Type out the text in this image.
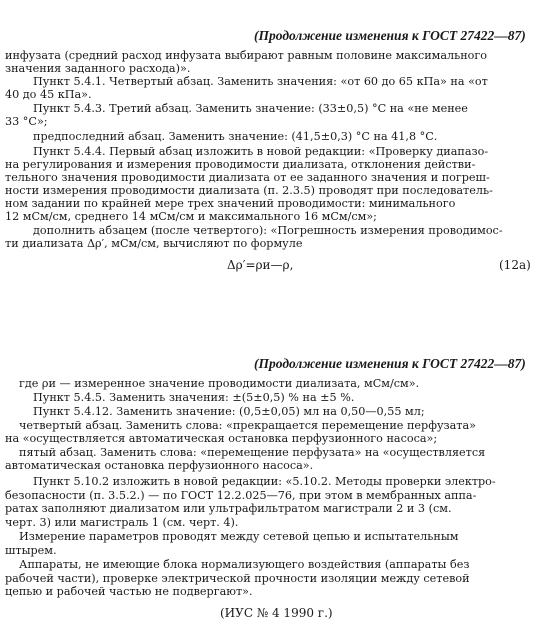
(Продолжение изменения к ГОСТ 27422—87)
инфузата (средний расход инфузата выбирают равным половине максимального
значения заданного расхода)».
Пункт 5.4.1. Четвертый абзац. Заменить значения: «от 60 до 65 кПа» на «от
40 до 45 кПа».
Пункт 5.4.3. Третий абзац. Заменить значение: (33±0,5) °С на «не менее
33 °С»;
предпоследний абзац. Заменить значение: (41,5±0,3) °С на 41,8 °С.
Пункт 5.4.4. Первый абзац изложить в новой редакции: «Проверку диапазо-
на регулирования и измерения проводимости диализата, отклонения действи-
тельного значения проводимости диализата от ее заданного значения и погреш-
ности измерения проводимости диализата (п. 2.3.5) проводят при последователь-
ном задании по крайней мере трех значений проводимости: минимального
12 мСм/см, среднего 14 мСм/см и максимального 16 мСм/см»;
дополнить абзацем (после четвертого): «Погрешность измерения проводимос-
ти диализата Δρ′, мСм/см, вычисляют по формуле
Δρ′=ρи—ρ,	(12а)
(Продолжение изменения к ГОСТ 27422—87)
где ρи — измеренное значение проводимости диализата, мСм/см».
Пункт 5.4.5. Заменить значения: ±(5±0,5) % на ±5 %.
Пункт 5.4.12. Заменить значение: (0,5±0,05) мл на 0,50—0,55 мл;
четвертый абзац. Заменить слова: «прекращается перемещение перфузата»
на «осуществляется автоматическая остановка перфузионного насоса»;
пятый абзац. Заменить слова: «перемещение перфузата» на «осуществляется
автоматическая остановка перфузионного насоса».
Пункт 5.10.2 изложить в новой редакции: «5.10.2. Методы проверки электро-
безопасности (п. 3.5.2.) — по ГОСТ 12.2.025—76, при этом в мембранных аппа-
ратах заполняют диализатом или ультрафильтратом магистрали 2 и 3 (см.
черт. 3) или магистраль 1 (см. черт. 4).
Измерение параметров проводят между сетевой цепью и испытательным
штырем.
Аппараты, не имеющие блока нормализующего воздействия (аппараты без
рабочей части), проверке электрической прочности изоляции между сетевой
цепью и рабочей частью не подвергают».
(ИУС № 4 1990 г.)
